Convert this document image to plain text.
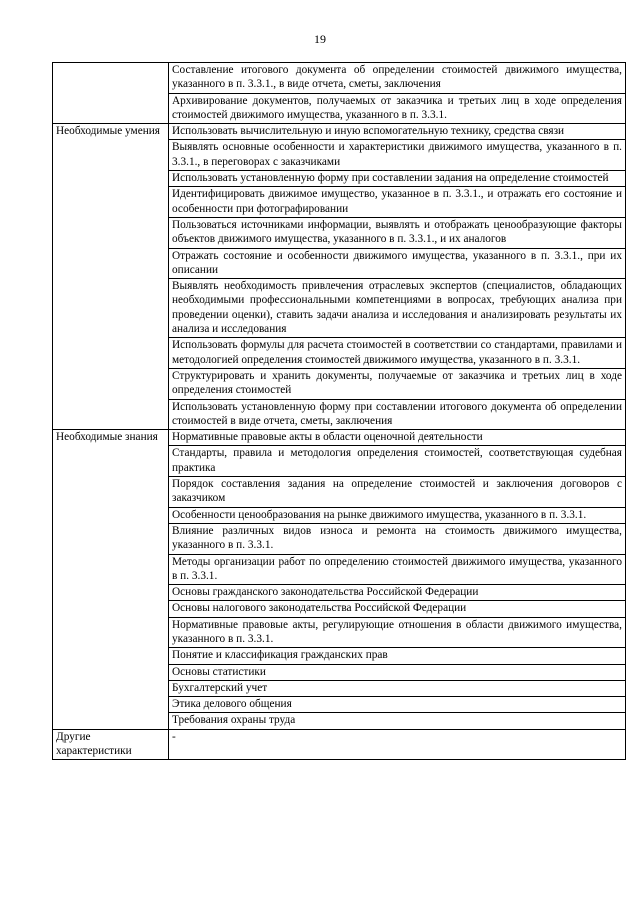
19
	Составление итогового документа об определении стоимостей движимого имущества, указанного в п. 3.3.1., в виде отчета, сметы, заключения
	Архивирование документов, получаемых от заказчика и третьих лиц в ходе определения стоимостей движимого имущества, указанного в п. 3.3.1.
Необходимые умения	Использовать вычислительную и иную вспомогательную технику, средства связи
	Выявлять основные особенности и характеристики движимого имущества, указанного в п. 3.3.1., в переговорах с заказчиками
	Использовать установленную форму при составлении задания на определение стоимостей
	Идентифицировать движимое имущество, указанное в п. 3.3.1., и отражать его состояние и особенности при фотографировании
	Пользоваться источниками информации, выявлять и отображать ценообразующие факторы объектов движимого имущества, указанного в п. 3.3.1., и их аналогов
	Отражать состояние и особенности движимого имущества, указанного в п. 3.3.1., при их описании
	Выявлять необходимость привлечения отраслевых экспертов (специалистов, обладающих необходимыми профессиональными компетенциями в вопросах, требующих анализа при проведении оценки), ставить задачи анализа и исследования и анализировать результаты их анализа и исследования
	Использовать формулы для расчета стоимостей в соответствии со стандартами, правилами и методологией определения стоимостей движимого имущества, указанного в п. 3.3.1.
	Структурировать и хранить документы, получаемые от заказчика и третьих лиц в ходе определения стоимостей
	Использовать установленную форму при составлении итогового документа об определении стоимостей в виде отчета, сметы, заключения
Необходимые знания	Нормативные правовые акты в области оценочной деятельности
	Стандарты, правила и методология определения стоимостей, соответствующая судебная практика
	Порядок составления задания на определение стоимостей и заключения договоров с заказчиком
	Особенности ценообразования на рынке движимого имущества, указанного в п. 3.3.1.
	Влияние различных видов износа и ремонта на стоимость движимого имущества, указанного в п. 3.3.1.
	Методы организации работ по определению стоимостей движимого имущества, указанного в п. 3.3.1.
	Основы гражданского законодательства Российской Федерации
	Основы налогового законодательства Российской Федерации
	Нормативные правовые акты, регулирующие отношения в области движимого имущества, указанного в п. 3.3.1.
	Понятие и классификация гражданских прав
	Основы статистики
	Бухгалтерский учет
	Этика делового общения
	Требования охраны труда
Другие характеристики	-
